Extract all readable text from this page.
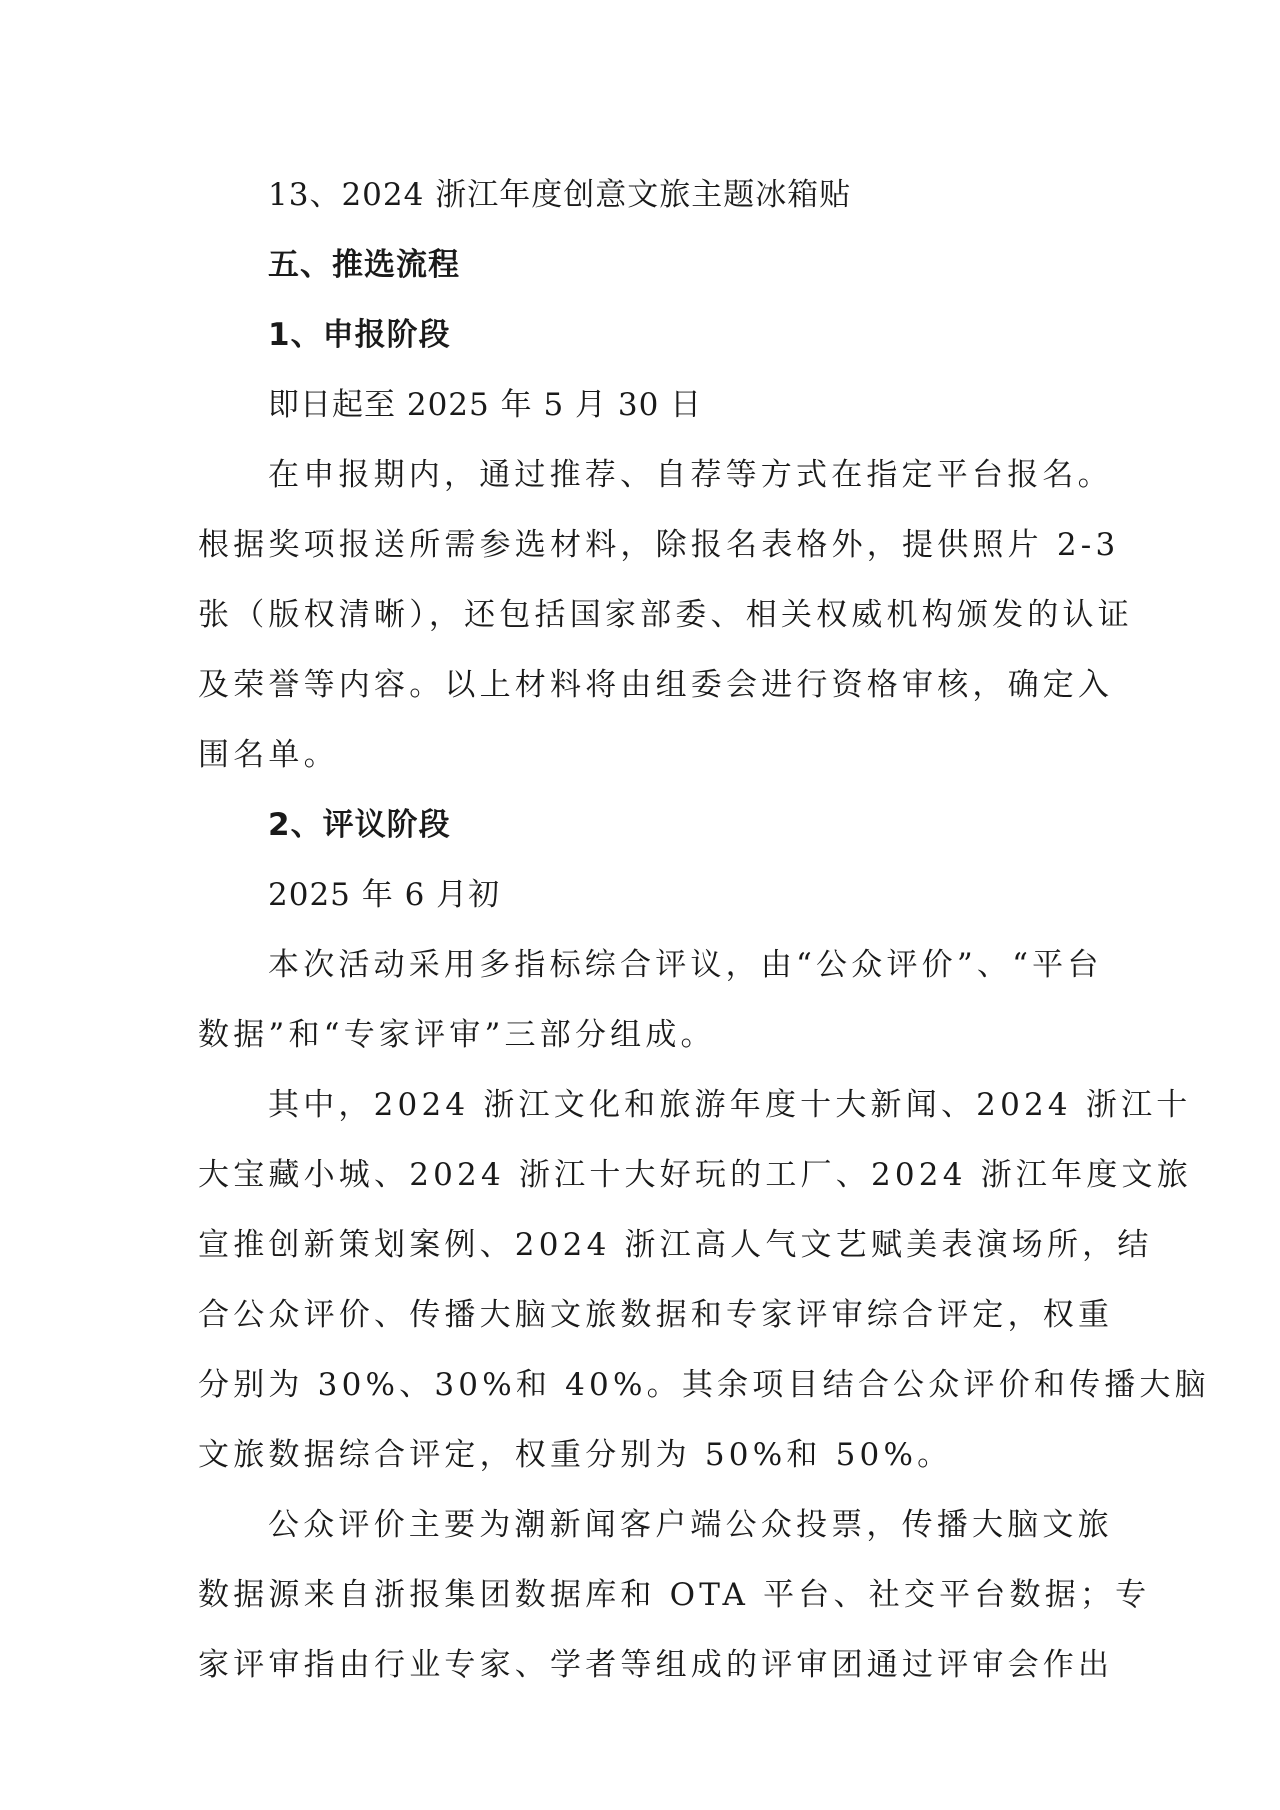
13、2024 浙江年度创意文旅主题冰箱贴
五、推选流程
1、申报阶段
即日起至 2025 年 5 月 30 日
在申报期内，通过推荐、自荐等方式在指定平台报名。
根据奖项报送所需参选材料，除报名表格外，提供照片 2-3
张（版权清晰），还包括国家部委、相关权威机构颁发的认证
及荣誉等内容。以上材料将由组委会进行资格审核，确定入
围名单。
2、评议阶段
2025 年 6 月初
本次活动采用多指标综合评议，由“公众评价”、“平台
数据”和“专家评审”三部分组成。
其中，2024 浙江文化和旅游年度十大新闻、2024 浙江十
大宝藏小城、2024 浙江十大好玩的工厂、2024 浙江年度文旅
宣推创新策划案例、2024 浙江高人气文艺赋美表演场所，结
合公众评价、传播大脑文旅数据和专家评审综合评定，权重
分别为 30%、30%和 40%。其余项目结合公众评价和传播大脑
文旅数据综合评定，权重分别为 50%和 50%。
公众评价主要为潮新闻客户端公众投票，传播大脑文旅
数据源来自浙报集团数据库和 OTA 平台、社交平台数据；专
家评审指由行业专家、学者等组成的评审团通过评审会作出
